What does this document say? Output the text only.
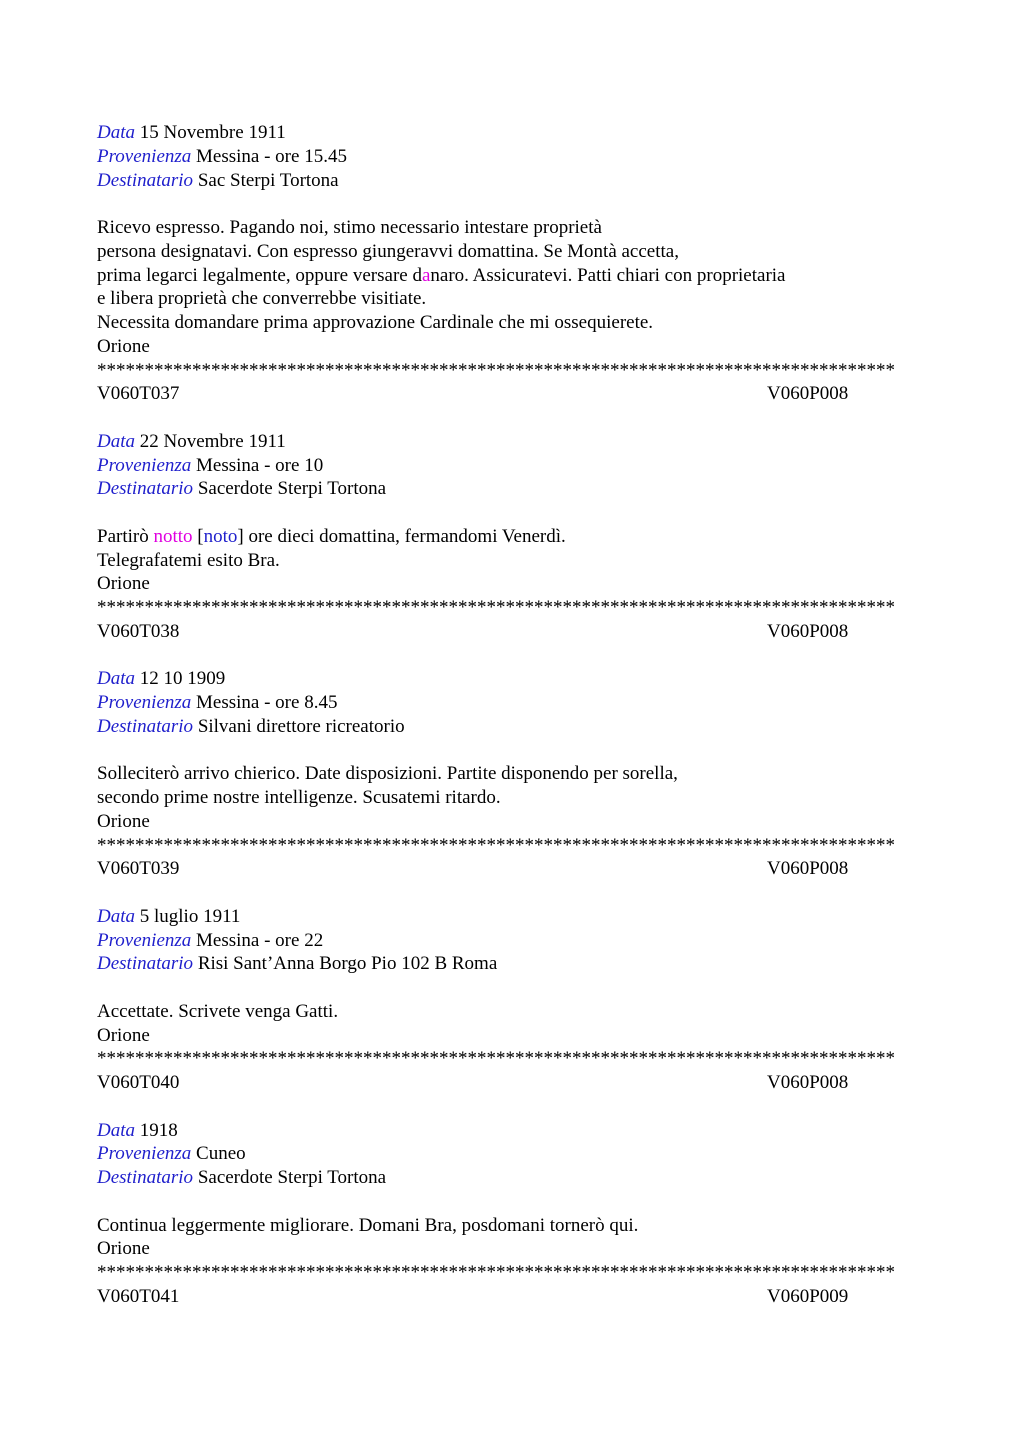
Data 15 Novembre 1911
Provenienza Messina - ore 15.45
Destinatario Sac Sterpi Tortona
Ricevo espresso. Pagando noi, stimo necessario intestare proprietà
persona designatavi. Con espresso giungeravvi domattina. Se Montà accetta,
prima legarci legalmente, oppure versare danaro. Assicuratevi. Patti chiari con proprietaria
e libera proprietà che converrebbe visitiate.
Necessita domandare prima approvazione Cardinale che mi ossequierete.
Orione
************************************************************************************
V060T037	V060P008
Data 22 Novembre 1911
Provenienza Messina - ore 10
Destinatario Sacerdote Sterpi Tortona
Partirò notto [noto] ore dieci domattina, fermandomi Venerdì.
Telegrafatemi esito Bra.
Orione
************************************************************************************
V060T038	V060P008
Data 12 10 1909
Provenienza Messina - ore 8.45
Destinatario Silvani direttore ricreatorio
Solleciterò arrivo chierico. Date disposizioni. Partite disponendo per sorella,
secondo prime nostre intelligenze. Scusatemi ritardo.
Orione
************************************************************************************
V060T039	V060P008
Data 5 luglio 1911
Provenienza Messina - ore 22
Destinatario Risi Sant’Anna Borgo Pio 102 B Roma
Accettate. Scrivete venga Gatti.
Orione
************************************************************************************
V060T040	V060P008
Data 1918
Provenienza Cuneo
Destinatario Sacerdote Sterpi Tortona
Continua leggermente migliorare. Domani Bra, posdomani tornerò qui.
Orione
************************************************************************************
V060T041	V060P009
